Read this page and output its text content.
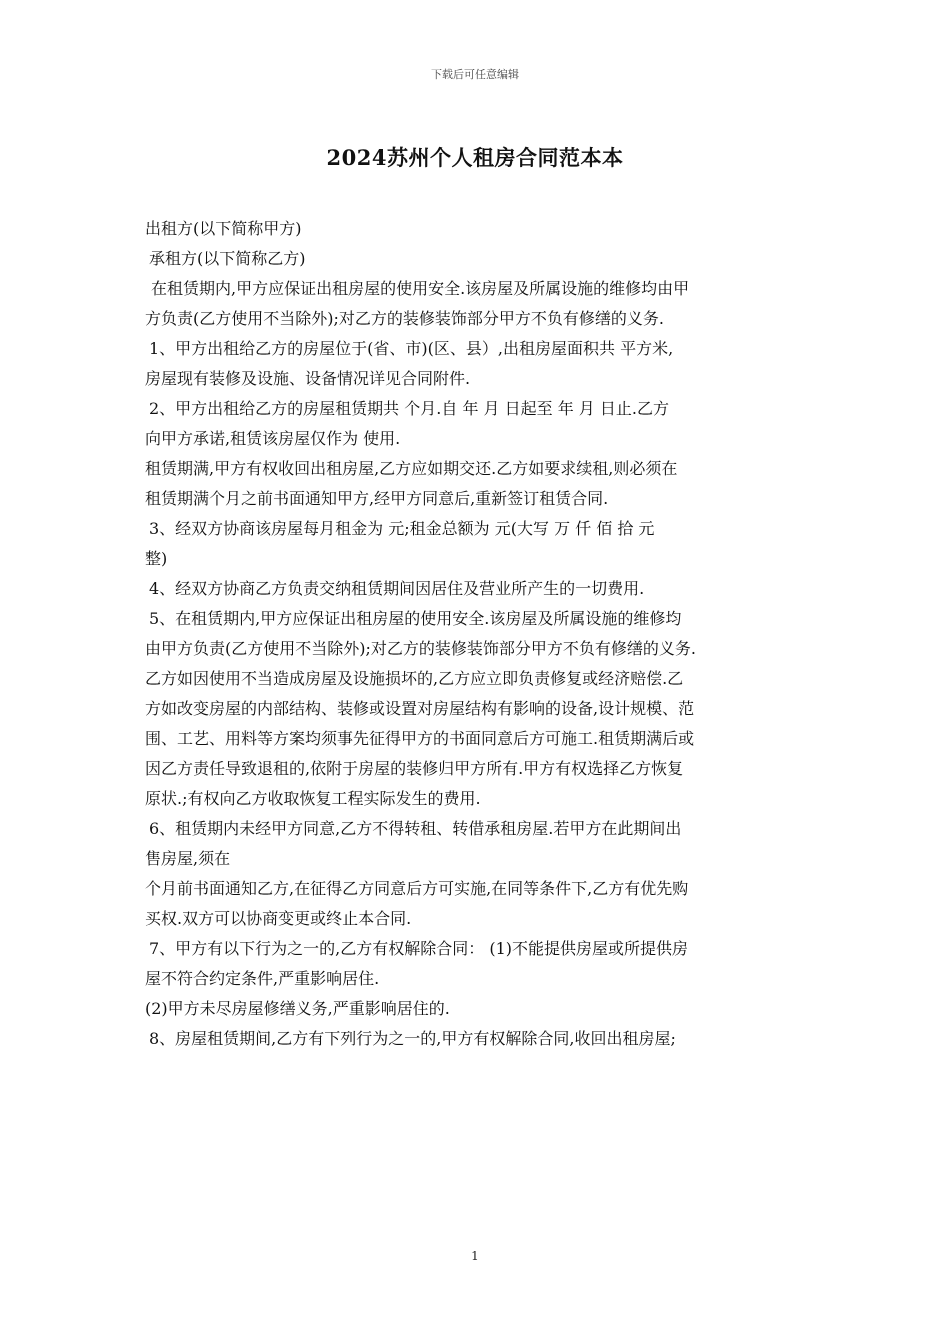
下载后可任意编辑
2024苏州个人租房合同范本本
出租方(以下简称甲方)
承租方(以下简称乙方)
在租赁期内,甲方应保证出租房屋的使用安全.该房屋及所属设施的维修均由甲
方负责(乙方使用不当除外);对乙方的装修装饰部分甲方不负有修缮的义务.
1、甲方出租给乙方的房屋位于(省、市)(区、县）,出租房屋面积共 平方米,
房屋现有装修及设施、设备情况详见合同附件.
2、甲方出租给乙方的房屋租赁期共 个月.自 年 月 日起至 年 月 日止.乙方
向甲方承诺,租赁该房屋仅作为 使用.
租赁期满,甲方有权收回出租房屋,乙方应如期交还.乙方如要求续租,则必须在
租赁期满个月之前书面通知甲方,经甲方同意后,重新签订租赁合同.
3、经双方协商该房屋每月租金为 元;租金总额为 元(大写 万 仟 佰 拾 元
整)
4、经双方协商乙方负责交纳租赁期间因居住及营业所产生的一切费用.
5、在租赁期内,甲方应保证出租房屋的使用安全.该房屋及所属设施的维修均
由甲方负责(乙方使用不当除外);对乙方的装修装饰部分甲方不负有修缮的义务.
乙方如因使用不当造成房屋及设施损坏的,乙方应立即负责修复或经济赔偿.乙
方如改变房屋的内部结构、装修或设置对房屋结构有影响的设备,设计规模、范
围、工艺、用料等方案均须事先征得甲方的书面同意后方可施工.租赁期满后或
因乙方责任导致退租的,依附于房屋的装修归甲方所有.甲方有权选择乙方恢复
原状.;有权向乙方收取恢复工程实际发生的费用.
6、租赁期内未经甲方同意,乙方不得转租、转借承租房屋.若甲方在此期间出
售房屋,须在
个月前书面通知乙方,在征得乙方同意后方可实施,在同等条件下,乙方有优先购
买权.双方可以协商变更或终止本合同.
7、甲方有以下行为之一的,乙方有权解除合同： (1)不能提供房屋或所提供房
屋不符合约定条件,严重影响居住.
(2)甲方未尽房屋修缮义务,严重影响居住的.
8、房屋租赁期间,乙方有下列行为之一的,甲方有权解除合同,收回出租房屋;
1
